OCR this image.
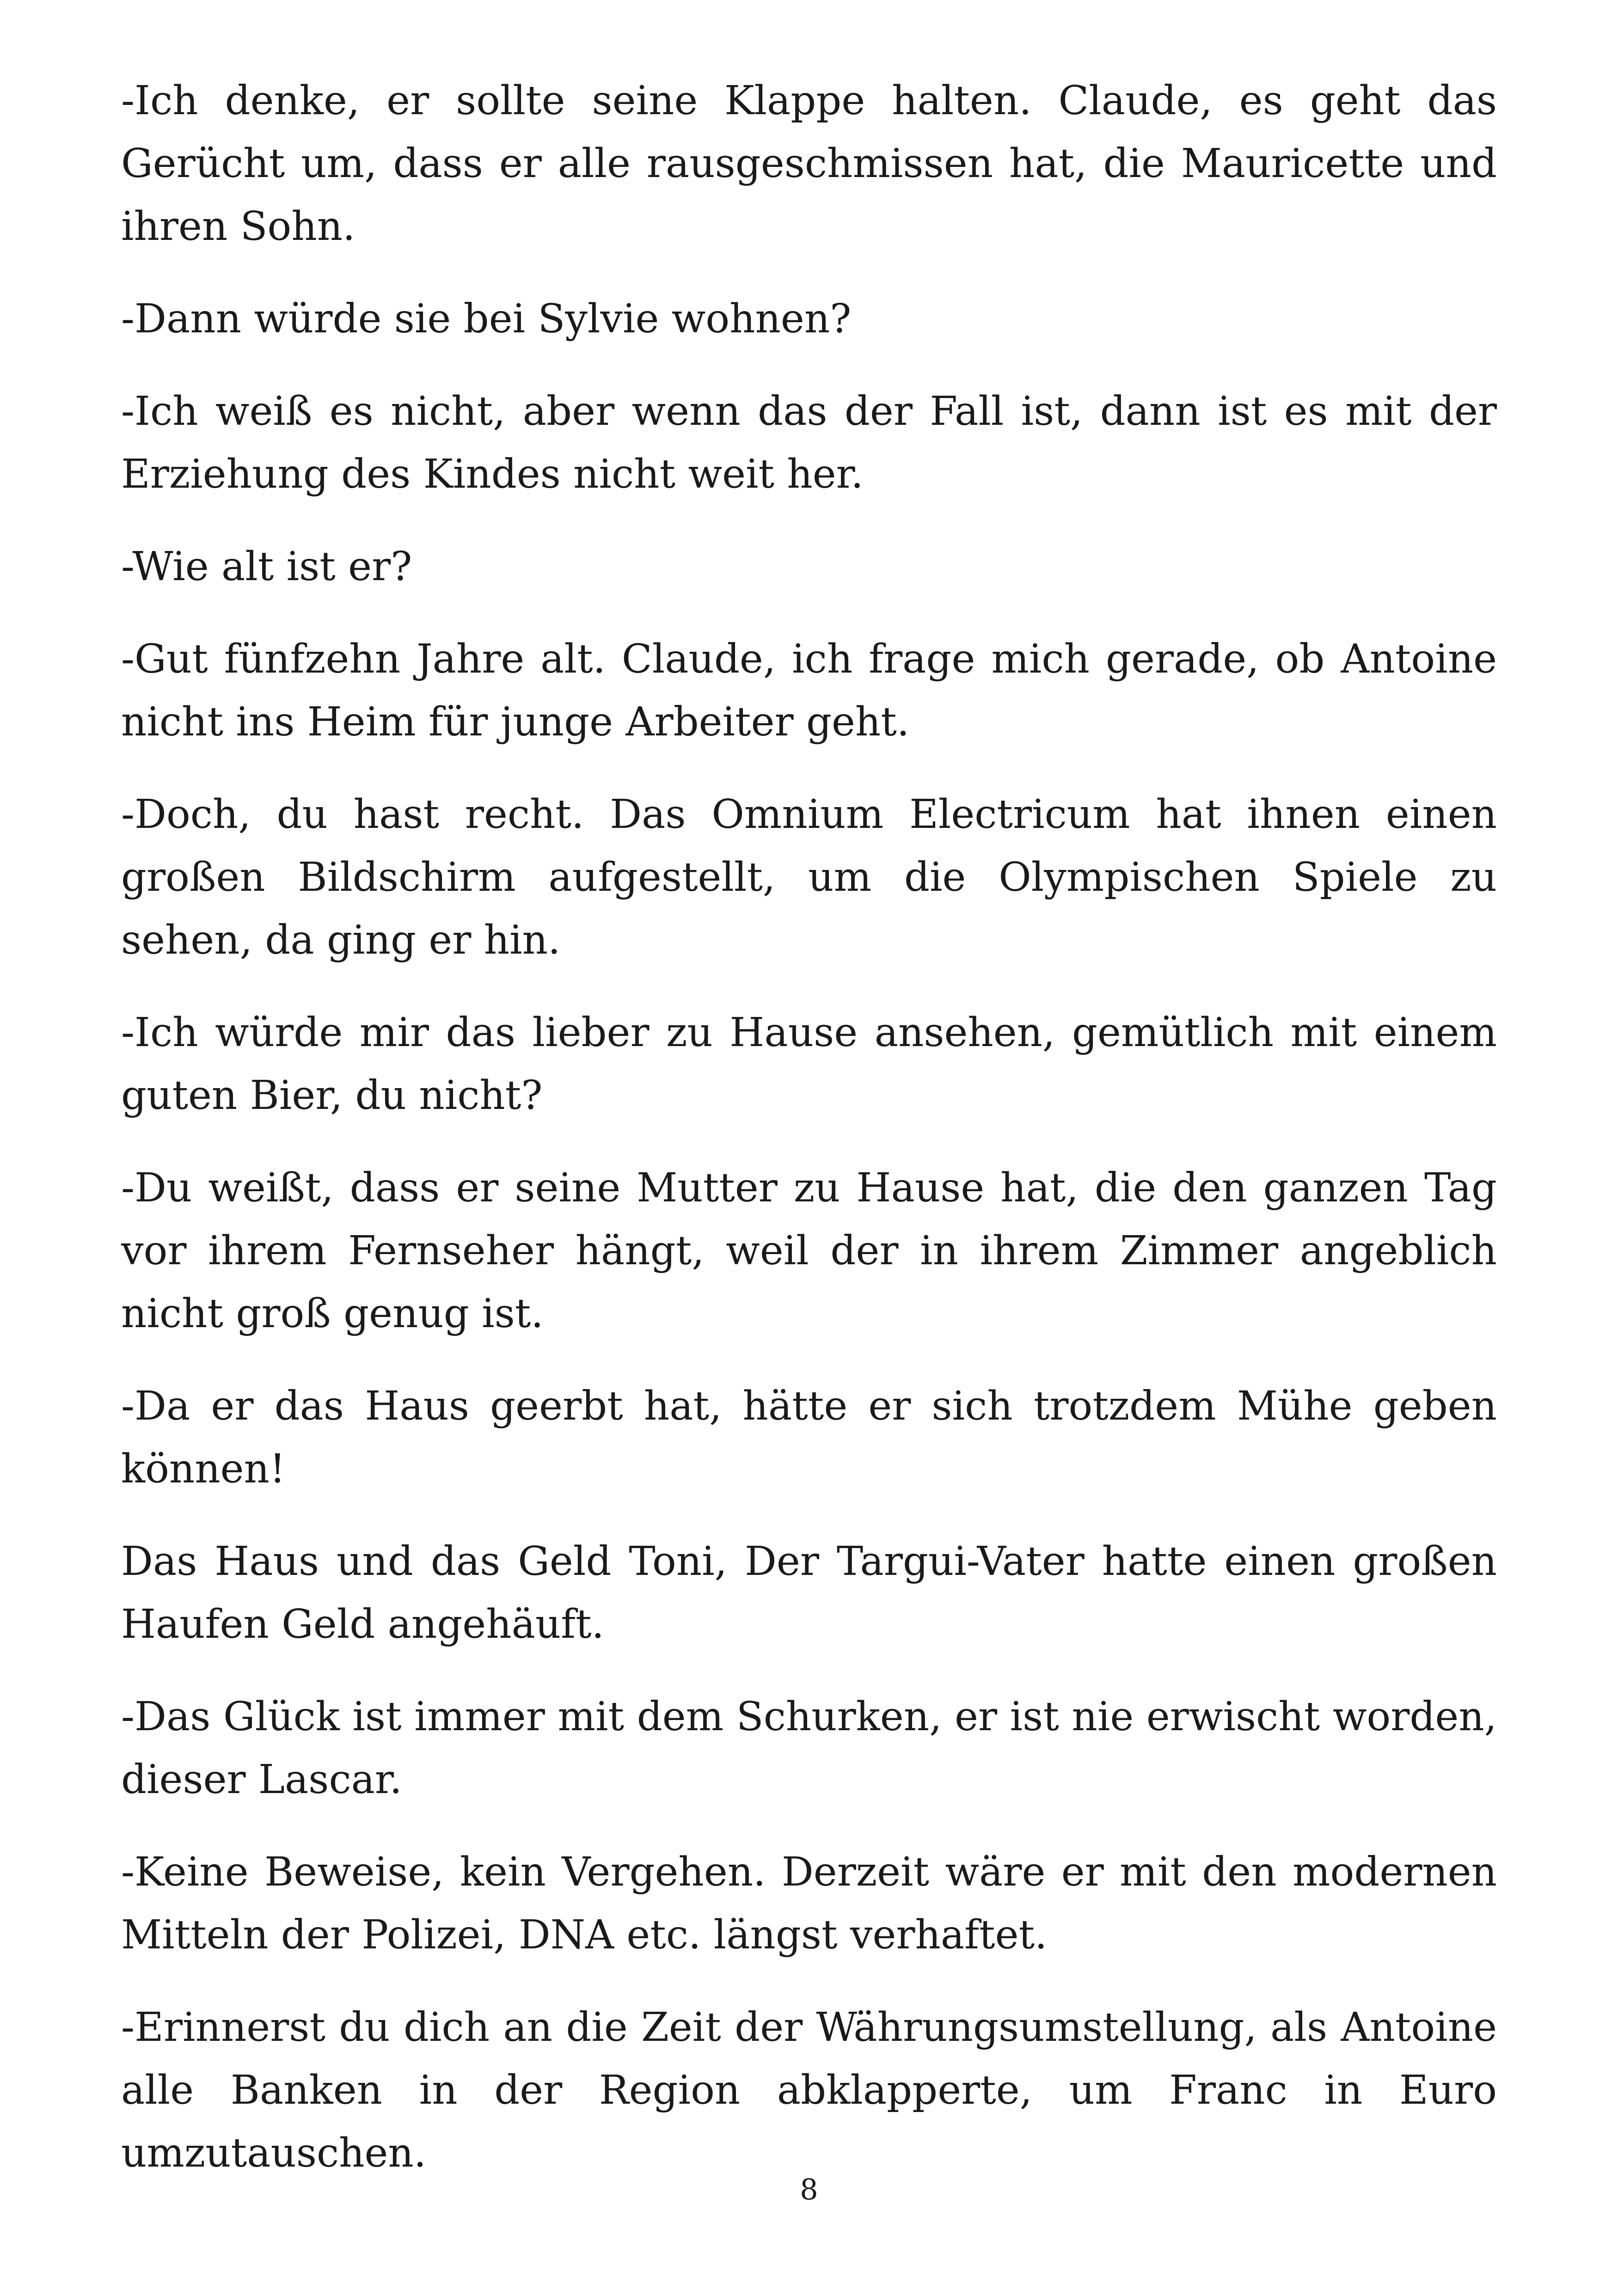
-Ich denke, er sollte seine Klappe halten. Claude, es geht das Gerücht um, dass er alle rausgeschmissen hat, die Mauricette und ihren Sohn.

-Dann würde sie bei Sylvie wohnen?

-Ich weiß es nicht, aber wenn das der Fall ist, dann ist es mit der Erziehung des Kindes nicht weit her.

-Wie alt ist er?

-Gut fünfzehn Jahre alt. Claude, ich frage mich gerade, ob Antoine nicht ins Heim für junge Arbeiter geht.

-Doch, du hast recht. Das Omnium Electricum hat ihnen einen großen Bildschirm aufgestellt, um die Olympischen Spiele zu sehen, da ging er hin.

-Ich würde mir das lieber zu Hause ansehen, gemütlich mit einem guten Bier, du nicht?

-Du weißt, dass er seine Mutter zu Hause hat, die den ganzen Tag vor ihrem Fernseher hängt, weil der in ihrem Zimmer angeblich nicht groß genug ist.

-Da er das Haus geerbt hat, hätte er sich trotzdem Mühe geben können!

Das Haus und das Geld Toni, Der Targui-Vater hatte einen großen Haufen Geld angehäuft.

-Das Glück ist immer mit dem Schurken, er ist nie erwischt worden, dieser Lascar.

-Keine Beweise, kein Vergehen. Derzeit wäre er mit den modernen Mitteln der Polizei, DNA etc. längst verhaftet.

-Erinnerst du dich an die Zeit der Währungsumstellung, als Antoine alle Banken in der Region abklapperte, um Franc in Euro umzutauschen.

8
